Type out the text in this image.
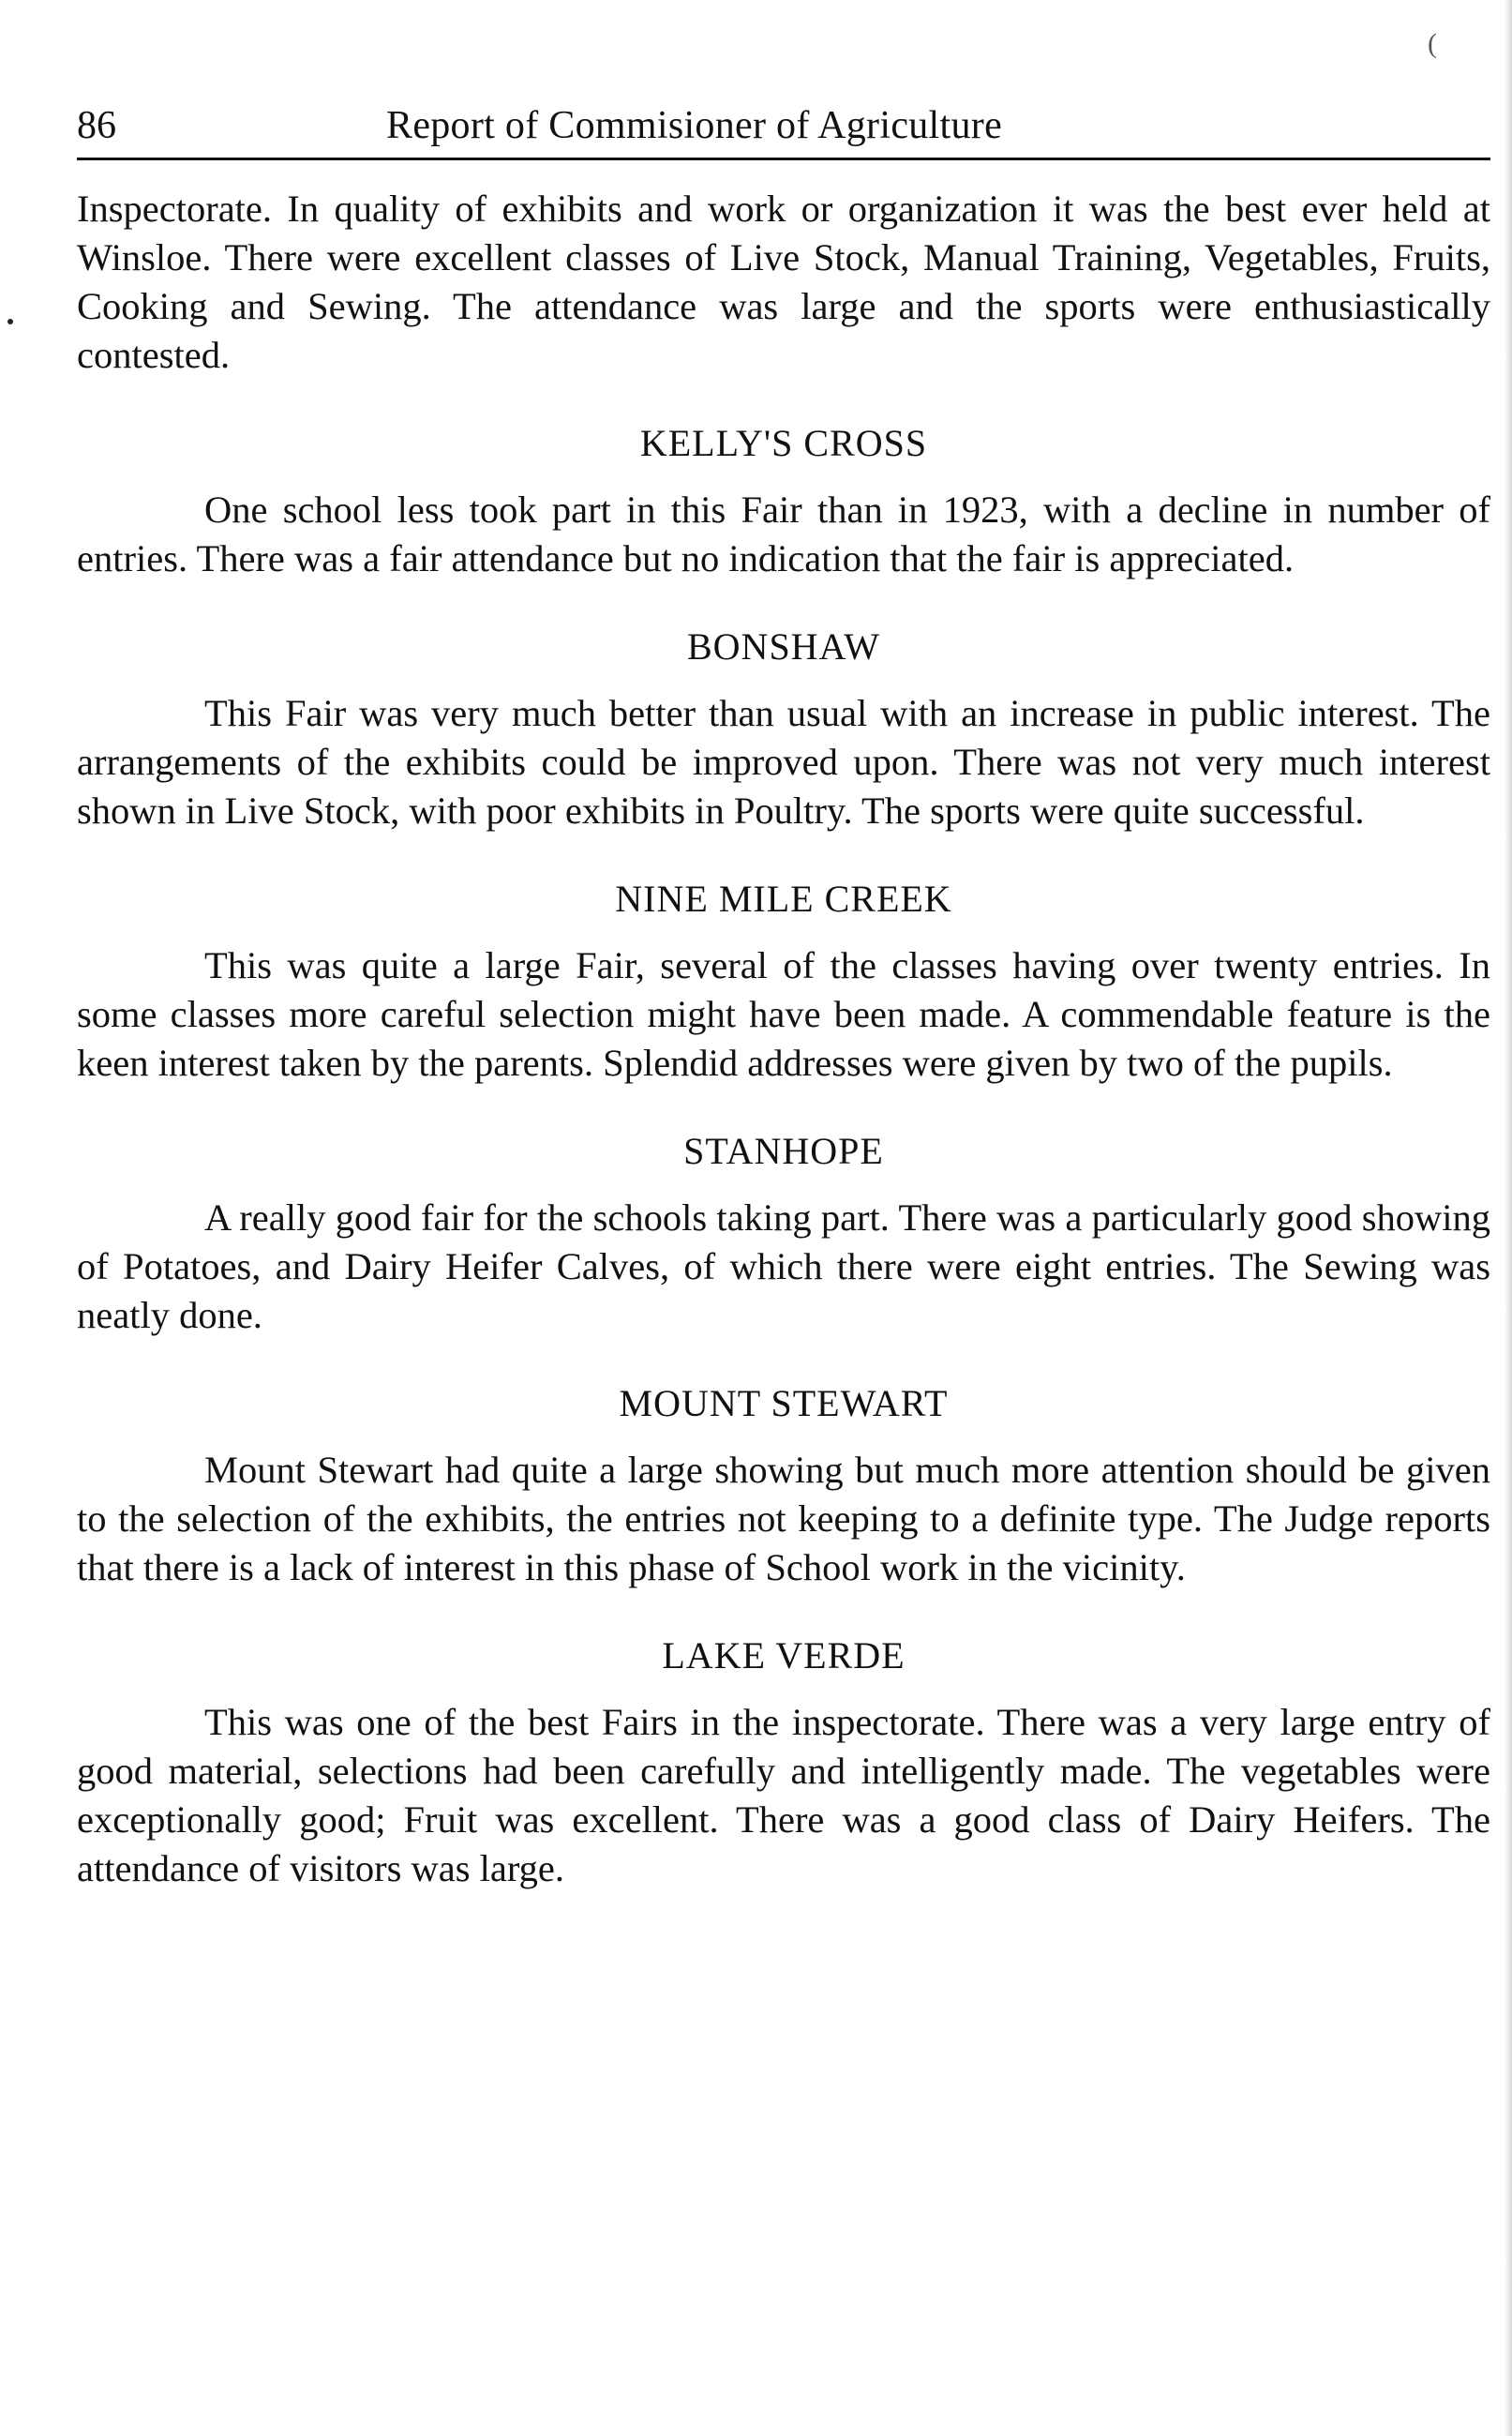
(
86	Report of Commisioner of Agriculture

Inspectorate. In quality of exhibits and work or organization it was the best ever held at Winsloe. There were excellent classes of Live Stock, Manual Training, Vegetables, Fruits, Cooking and Sewing. The attendance was large and the sports were enthusiastically contested.

KELLY'S CROSS

One school less took part in this Fair than in 1923, with a decline in number of entries. There was a fair attendance but no indication that the fair is appreciated.

BONSHAW

This Fair was very much better than usual with an increase in public interest. The arrangements of the exhibits could be improved upon. There was not very much interest shown in Live Stock, with poor exhibits in Poultry. The sports were quite successful.

NINE MILE CREEK

This was quite a large Fair, several of the classes having over twenty entries. In some classes more careful selection might have been made. A commendable feature is the keen interest taken by the parents. Splendid addresses were given by two of the pupils.

STANHOPE

A really good fair for the schools taking part. There was a particularly good showing of Potatoes, and Dairy Heifer Calves, of which there were eight entries. The Sewing was neatly done.

MOUNT STEWART

Mount Stewart had quite a large showing but much more attention should be given to the selection of the exhibits, the entries not keeping to a definite type. The Judge reports that there is a lack of interest in this phase of School work in the vicinity.

LAKE VERDE

This was one of the best Fairs in the inspectorate. There was a very large entry of good material, selections had been carefully and intelligently made. The vegetables were exceptionally good; Fruit was excellent. There was a good class of Dairy Heifers. The attendance of visitors was large.
